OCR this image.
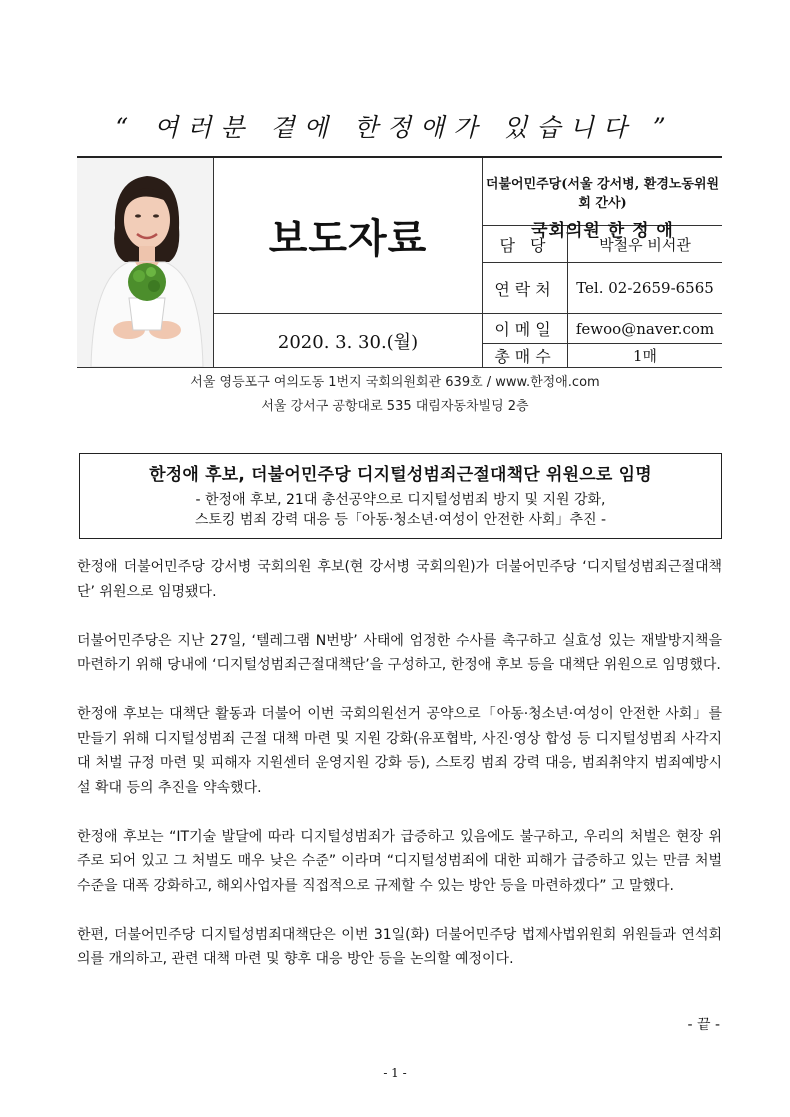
“ 여러분 곁에 한정애가 있습니다 ”
보도자료
2020. 3. 30.(월)
더불어민주당(서울 강서병, 환경노동위원회 간사)
국회의원 한 정 애
담 당	박철우 비서관
연락처	Tel. 02-2659-6565
이메일	fewoo@naver.com
총매수	1매
서울 영등포구 여의도동 1번지 국회의원회관 639호 / www.한정애.com
서울 강서구 공항대로 535 대림자동차빌딩 2층
한정애 후보, 더불어민주당 디지털성범죄근절대책단 위원으로 임명
- 한정애 후보, 21대 총선공약으로 디지털성범죄 방지 및 지원 강화,
스토킹 범죄 강력 대응 등「아동·청소년·여성이 안전한 사회」추진 -

한정애 더불어민주당 강서병 국회의원 후보(현 강서병 국회의원)가 더불어민주당 ‘디지털성범죄근절대책단’ 위원으로 임명됐다.

더불어민주당은 지난 27일, ‘텔레그램 N번방’ 사태에 엄정한 수사를 촉구하고 실효성 있는 재발방지책을 마련하기 위해 당내에 ‘디지털성범죄근절대책단’을 구성하고, 한정애 후보 등을 대책단 위원으로 임명했다.

한정애 후보는 대책단 활동과 더불어 이번 국회의원선거 공약으로「아동·청소년·여성이 안전한 사회」를 만들기 위해 디지털성범죄 근절 대책 마련 및 지원 강화(유포협박, 사진·영상 합성 등 디지털성범죄 사각지대 처벌 규정 마련 및 피해자 지원센터 운영지원 강화 등), 스토킹 범죄 강력 대응, 범죄취약지 범죄예방시설 확대 등의 추진을 약속했다.

한정애 후보는 “IT기술 발달에 따라 디지털성범죄가 급증하고 있음에도 불구하고, 우리의 처벌은 현장 위주로 되어 있고 그 처벌도 매우 낮은 수준” 이라며 “디지털성범죄에 대한 피해가 급증하고 있는 만큼 처벌 수준을 대폭 강화하고, 해외사업자를 직접적으로 규제할 수 있는 방안 등을 마련하겠다” 고 말했다.

한편, 더불어민주당 디지털성범죄대책단은 이번 31일(화) 더불어민주당 법제사법위원회 위원들과 연석회의를 개의하고, 관련 대책 마련 및 향후 대응 방안 등을 논의할 예정이다.

- 끝 -
- 1 -
